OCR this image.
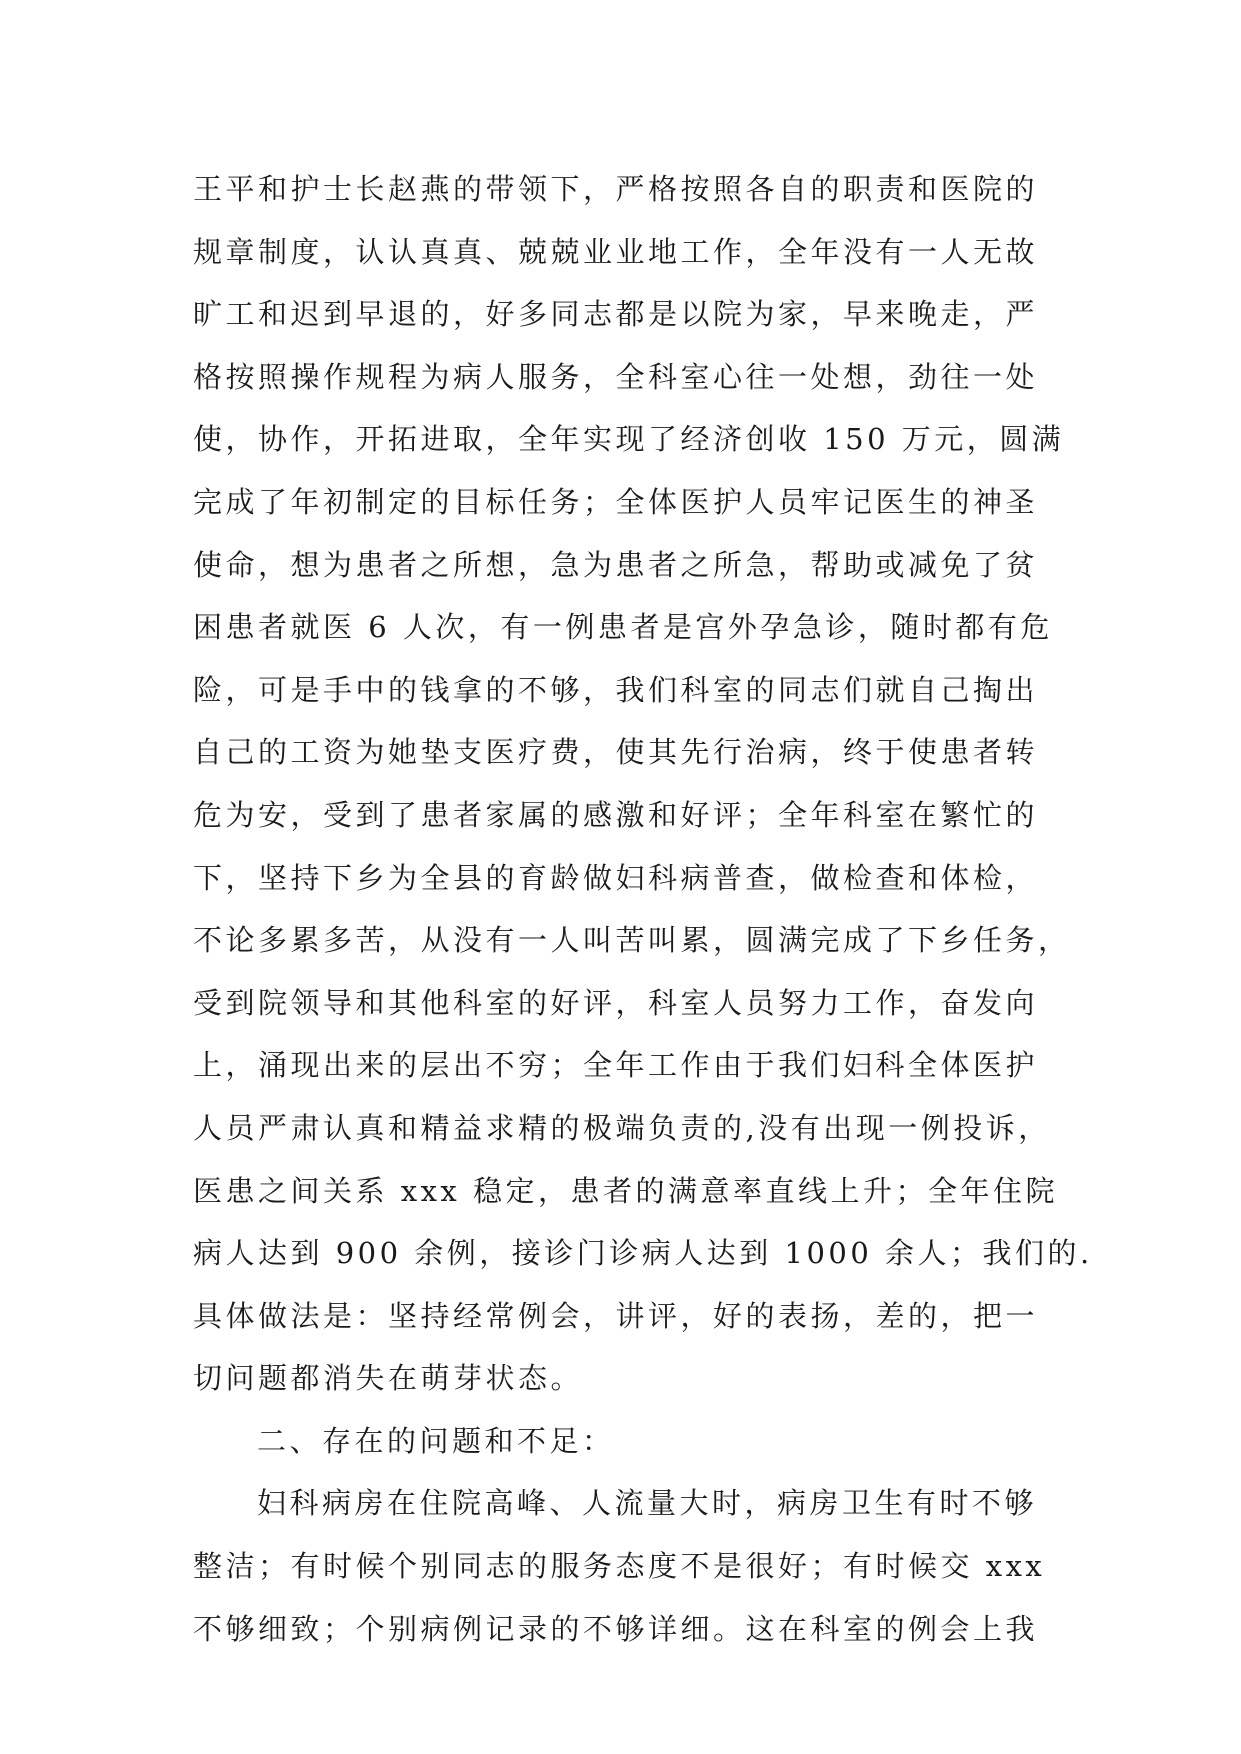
王平和护士长赵燕的带领下，严格按照各自的职责和医院的
规章制度，认认真真、兢兢业业地工作，全年没有一人无故
旷工和迟到早退的，好多同志都是以院为家，早来晚走，严
格按照操作规程为病人服务，全科室心往一处想，劲往一处
使，协作，开拓进取，全年实现了经济创收 150 万元，圆满
完成了年初制定的目标任务；全体医护人员牢记医生的神圣
使命，想为患者之所想，急为患者之所急，帮助或减免了贫
困患者就医 6 人次，有一例患者是宫外孕急诊，随时都有危
险，可是手中的钱拿的不够，我们科室的同志们就自己掏出
自己的工资为她垫支医疗费，使其先行治病，终于使患者转
危为安，受到了患者家属的感激和好评；全年科室在繁忙的
下，坚持下乡为全县的育龄做妇科病普查，做检查和体检，
不论多累多苦，从没有一人叫苦叫累，圆满完成了下乡任务，
受到院领导和其他科室的好评，科室人员努力工作，奋发向
上，涌现出来的层出不穷；全年工作由于我们妇科全体医护
人员严肃认真和精益求精的极端负责的,没有出现一例投诉，
医患之间关系 xxx 稳定，患者的满意率直线上升；全年住院
病人达到 900 余例，接诊门诊病人达到 1000 余人；我们的.
具体做法是：坚持经常例会，讲评，好的表扬，差的，把一
切问题都消失在萌芽状态。
二、存在的问题和不足：
妇科病房在住院高峰、人流量大时，病房卫生有时不够
整洁；有时候个别同志的服务态度不是很好；有时候交 xxx
不够细致；个别病例记录的不够详细。这在科室的例会上我
